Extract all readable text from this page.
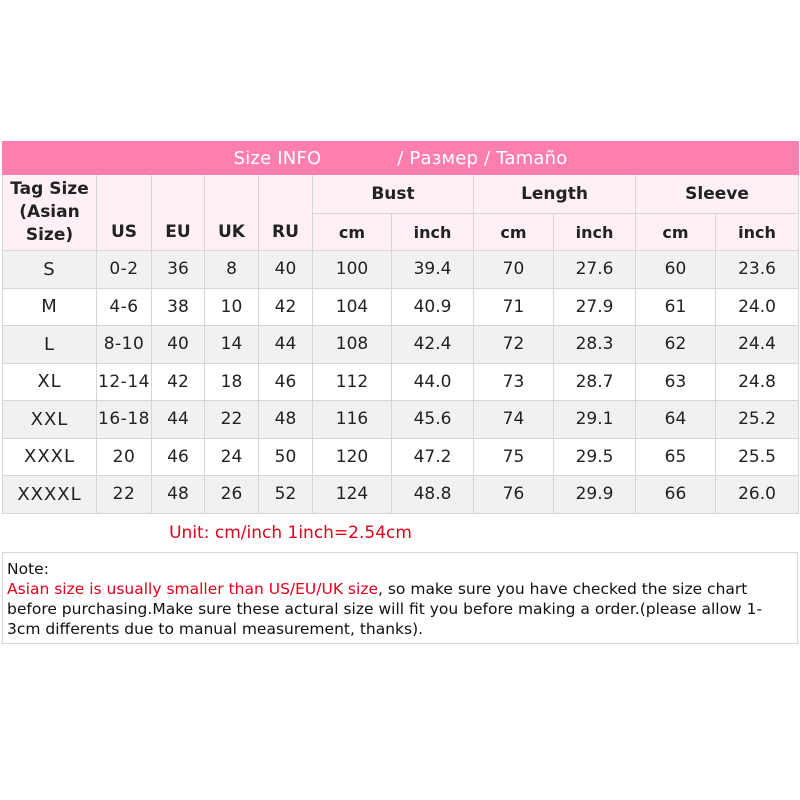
Size INFO / Размер / Tamaño										

Tag Size
(Asian
Size)	US	EU	UK	RU	Bust		Length		Sleeve	
					cm	inch	cm	inch	cm	inch
S	0-2	36	8	40	100	39.4	70	27.6	60	23.6
M	4-6	38	10	42	104	40.9	71	27.9	61	24.0
L	8-10	40	14	44	108	42.4	72	28.3	62	24.4
XL	12-14	42	18	46	112	44.0	73	28.7	63	24.8
XXL	16-18	44	22	48	116	45.6	74	29.1	64	25.2
XXXL	20	46	24	50	120	47.2	75	29.5	65	25.5
XXXXL	22	48	26	52	124	48.8	76	29.9	66	26.0
Unit: cm/inch 1inch=2.54cm										
Note:
Asian size is usually smaller than US/EU/UK size, so make sure you have checked the size chart before purchasing.Make sure these actural size will fit you before making a order.(please allow 1-3cm differents due to manual measurement, thanks).
